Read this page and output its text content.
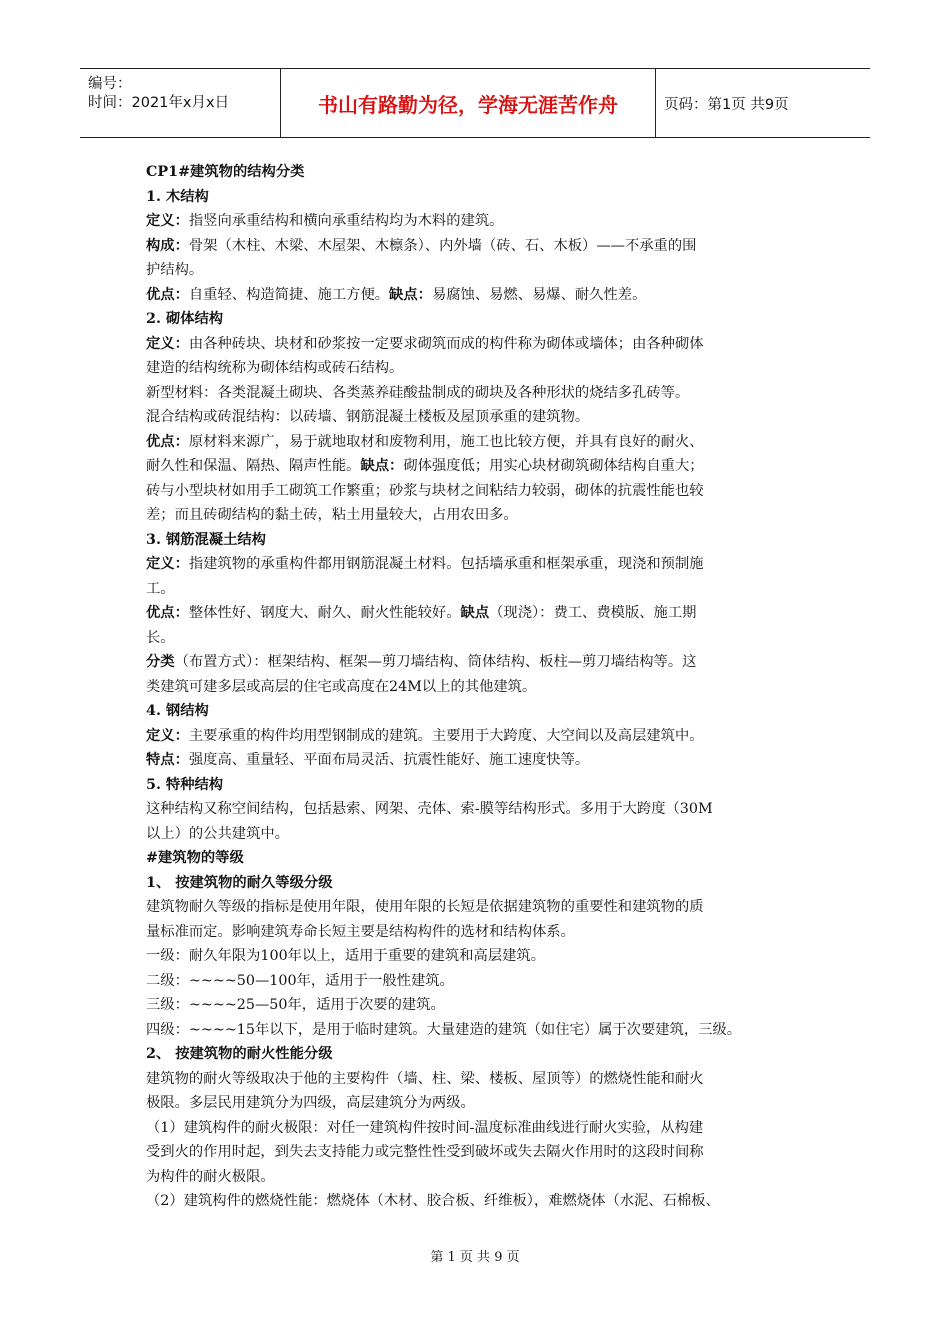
编号：
时间：2021年x月x日	书山有路勤为径，学海无涯苦作舟	页码：第1页 共9页

CP1#建筑物的结构分类

1. 木结构

定义：指竖向承重结构和横向承重结构均为木料的建筑。

构成：骨架（木柱、木梁、木屋架、木檩条）、内外墙（砖、石、木板）——不承重的围

护结构。

优点：自重轻、构造简捷、施工方便。缺点：易腐蚀、易燃、易爆、耐久性差。

2. 砌体结构

定义：由各种砖块、块材和砂浆按一定要求砌筑而成的构件称为砌体或墙体；由各种砌体

建造的结构统称为砌体结构或砖石结构。

新型材料：各类混凝土砌块、各类蒸养硅酸盐制成的砌块及各种形状的烧结多孔砖等。

混合结构或砖混结构：以砖墙、钢筋混凝土楼板及屋顶承重的建筑物。

优点：原材料来源广，易于就地取材和废物利用，施工也比较方便，并具有良好的耐火、

耐久性和保温、隔热、隔声性能。缺点：砌体强度低；用实心块材砌筑砌体结构自重大；

砖与小型块材如用手工砌筑工作繁重；砂浆与块材之间粘结力较弱，砌体的抗震性能也较

差；而且砖砌结构的黏土砖，粘土用量较大，占用农田多。

3. 钢筋混凝土结构

定义：指建筑物的承重构件都用钢筋混凝土材料。包括墙承重和框架承重，现浇和预制施

工。

优点：整体性好、钢度大、耐久、耐火性能较好。缺点（现浇）：费工、费模版、施工期

长。

分类（布置方式）：框架结构、框架—剪刀墙结构、筒体结构、板柱—剪刀墙结构等。这

类建筑可建多层或高层的住宅或高度在24M以上的其他建筑。

4. 钢结构

定义：主要承重的构件均用型钢制成的建筑。主要用于大跨度、大空间以及高层建筑中。

特点：强度高、重量轻、平面布局灵活、抗震性能好、施工速度快等。

5. 特种结构

这种结构又称空间结构，包括悬索、网架、壳体、索-膜等结构形式。多用于大跨度（30M

以上）的公共建筑中。

#建筑物的等级

1、 按建筑物的耐久等级分级

建筑物耐久等级的指标是使用年限，使用年限的长短是依据建筑物的重要性和建筑物的质

量标准而定。影响建筑寿命长短主要是结构构件的选材和结构体系。

一级：耐久年限为100年以上，适用于重要的建筑和高层建筑。

二级：~~~~50—100年，适用于一般性建筑。

三级：~~~~25—50年，适用于次要的建筑。

四级：~~~~15年以下，是用于临时建筑。大量建造的建筑（如住宅）属于次要建筑，三级。

2、 按建筑物的耐火性能分级

建筑物的耐火等级取决于他的主要构件（墙、柱、梁、楼板、屋顶等）的燃烧性能和耐火

极限。多层民用建筑分为四级，高层建筑分为两级。

（1）建筑构件的耐火极限：对任一建筑构件按时间-温度标准曲线进行耐火实验，从构建

受到火的作用时起，到失去支持能力或完整性性受到破坏或失去隔火作用时的这段时间称

为构件的耐火极限。

（2）建筑构件的燃烧性能：燃烧体（木材、胶合板、纤维板），难燃烧体（水泥、石棉板、

第 1 页 共 9 页
